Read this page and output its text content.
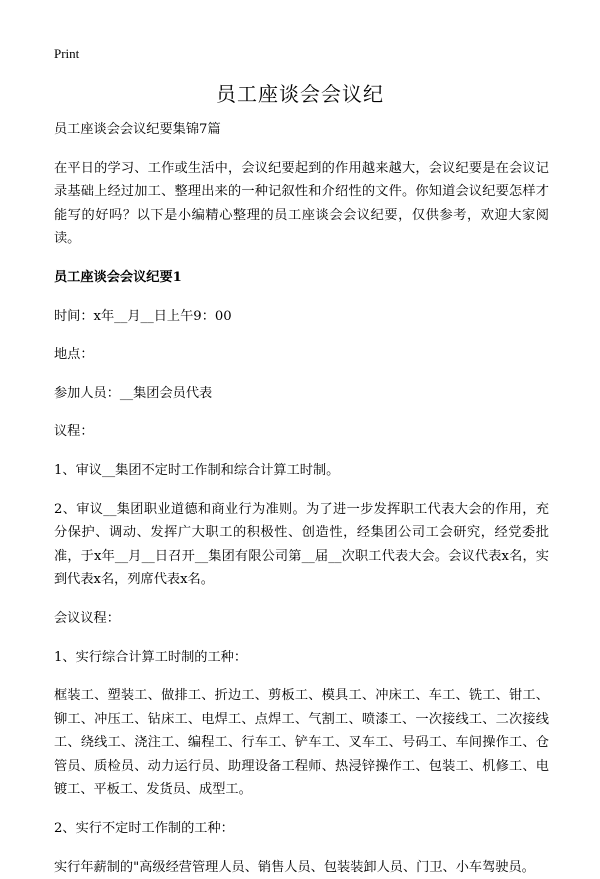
Print
员工座谈会会议纪

员工座谈会会议纪要集锦7篇

在平日的学习、工作或生活中，会议纪要起到的作用越来越大，会议纪要是在会议记录基础上经过加工、整理出来的一种记叙性和介绍性的文件。你知道会议纪要怎样才能写的好吗？以下是小编精心整理的员工座谈会会议纪要，仅供参考，欢迎大家阅读。

员工座谈会会议纪要1

时间：x年__月__日上午9：00

地点：

参加人员：__集团会员代表

议程：

1、审议__集团不定时工作制和综合计算工时制。

2、审议__集团职业道德和商业行为准则。为了进一步发挥职工代表大会的作用，充分保护、调动、发挥广大职工的积极性、创造性，经集团公司工会研究，经党委批准，于x年__月__日召开__集团有限公司第__届__次职工代表大会。会议代表x名，实到代表x名，列席代表x名。

会议议程：

1、实行综合计算工时制的工种：

框装工、塑装工、做排工、折边工、剪板工、模具工、冲床工、车工、铣工、钳工、铆工、冲压工、钻床工、电焊工、点焊工、气割工、喷漆工、一次接线工、二次接线工、绕线工、浇注工、编程工、行车工、铲车工、叉车工、号码工、车间操作工、仓管员、质检员、动力运行员、助理设备工程师、热浸锌操作工、包装工、机修工、电镀工、平板工、发货员、成型工。

2、实行不定时工作制的工种：

实行年薪制的"高级经营管理人员、销售人员、包装装卸人员、门卫、小车驾驶员。
